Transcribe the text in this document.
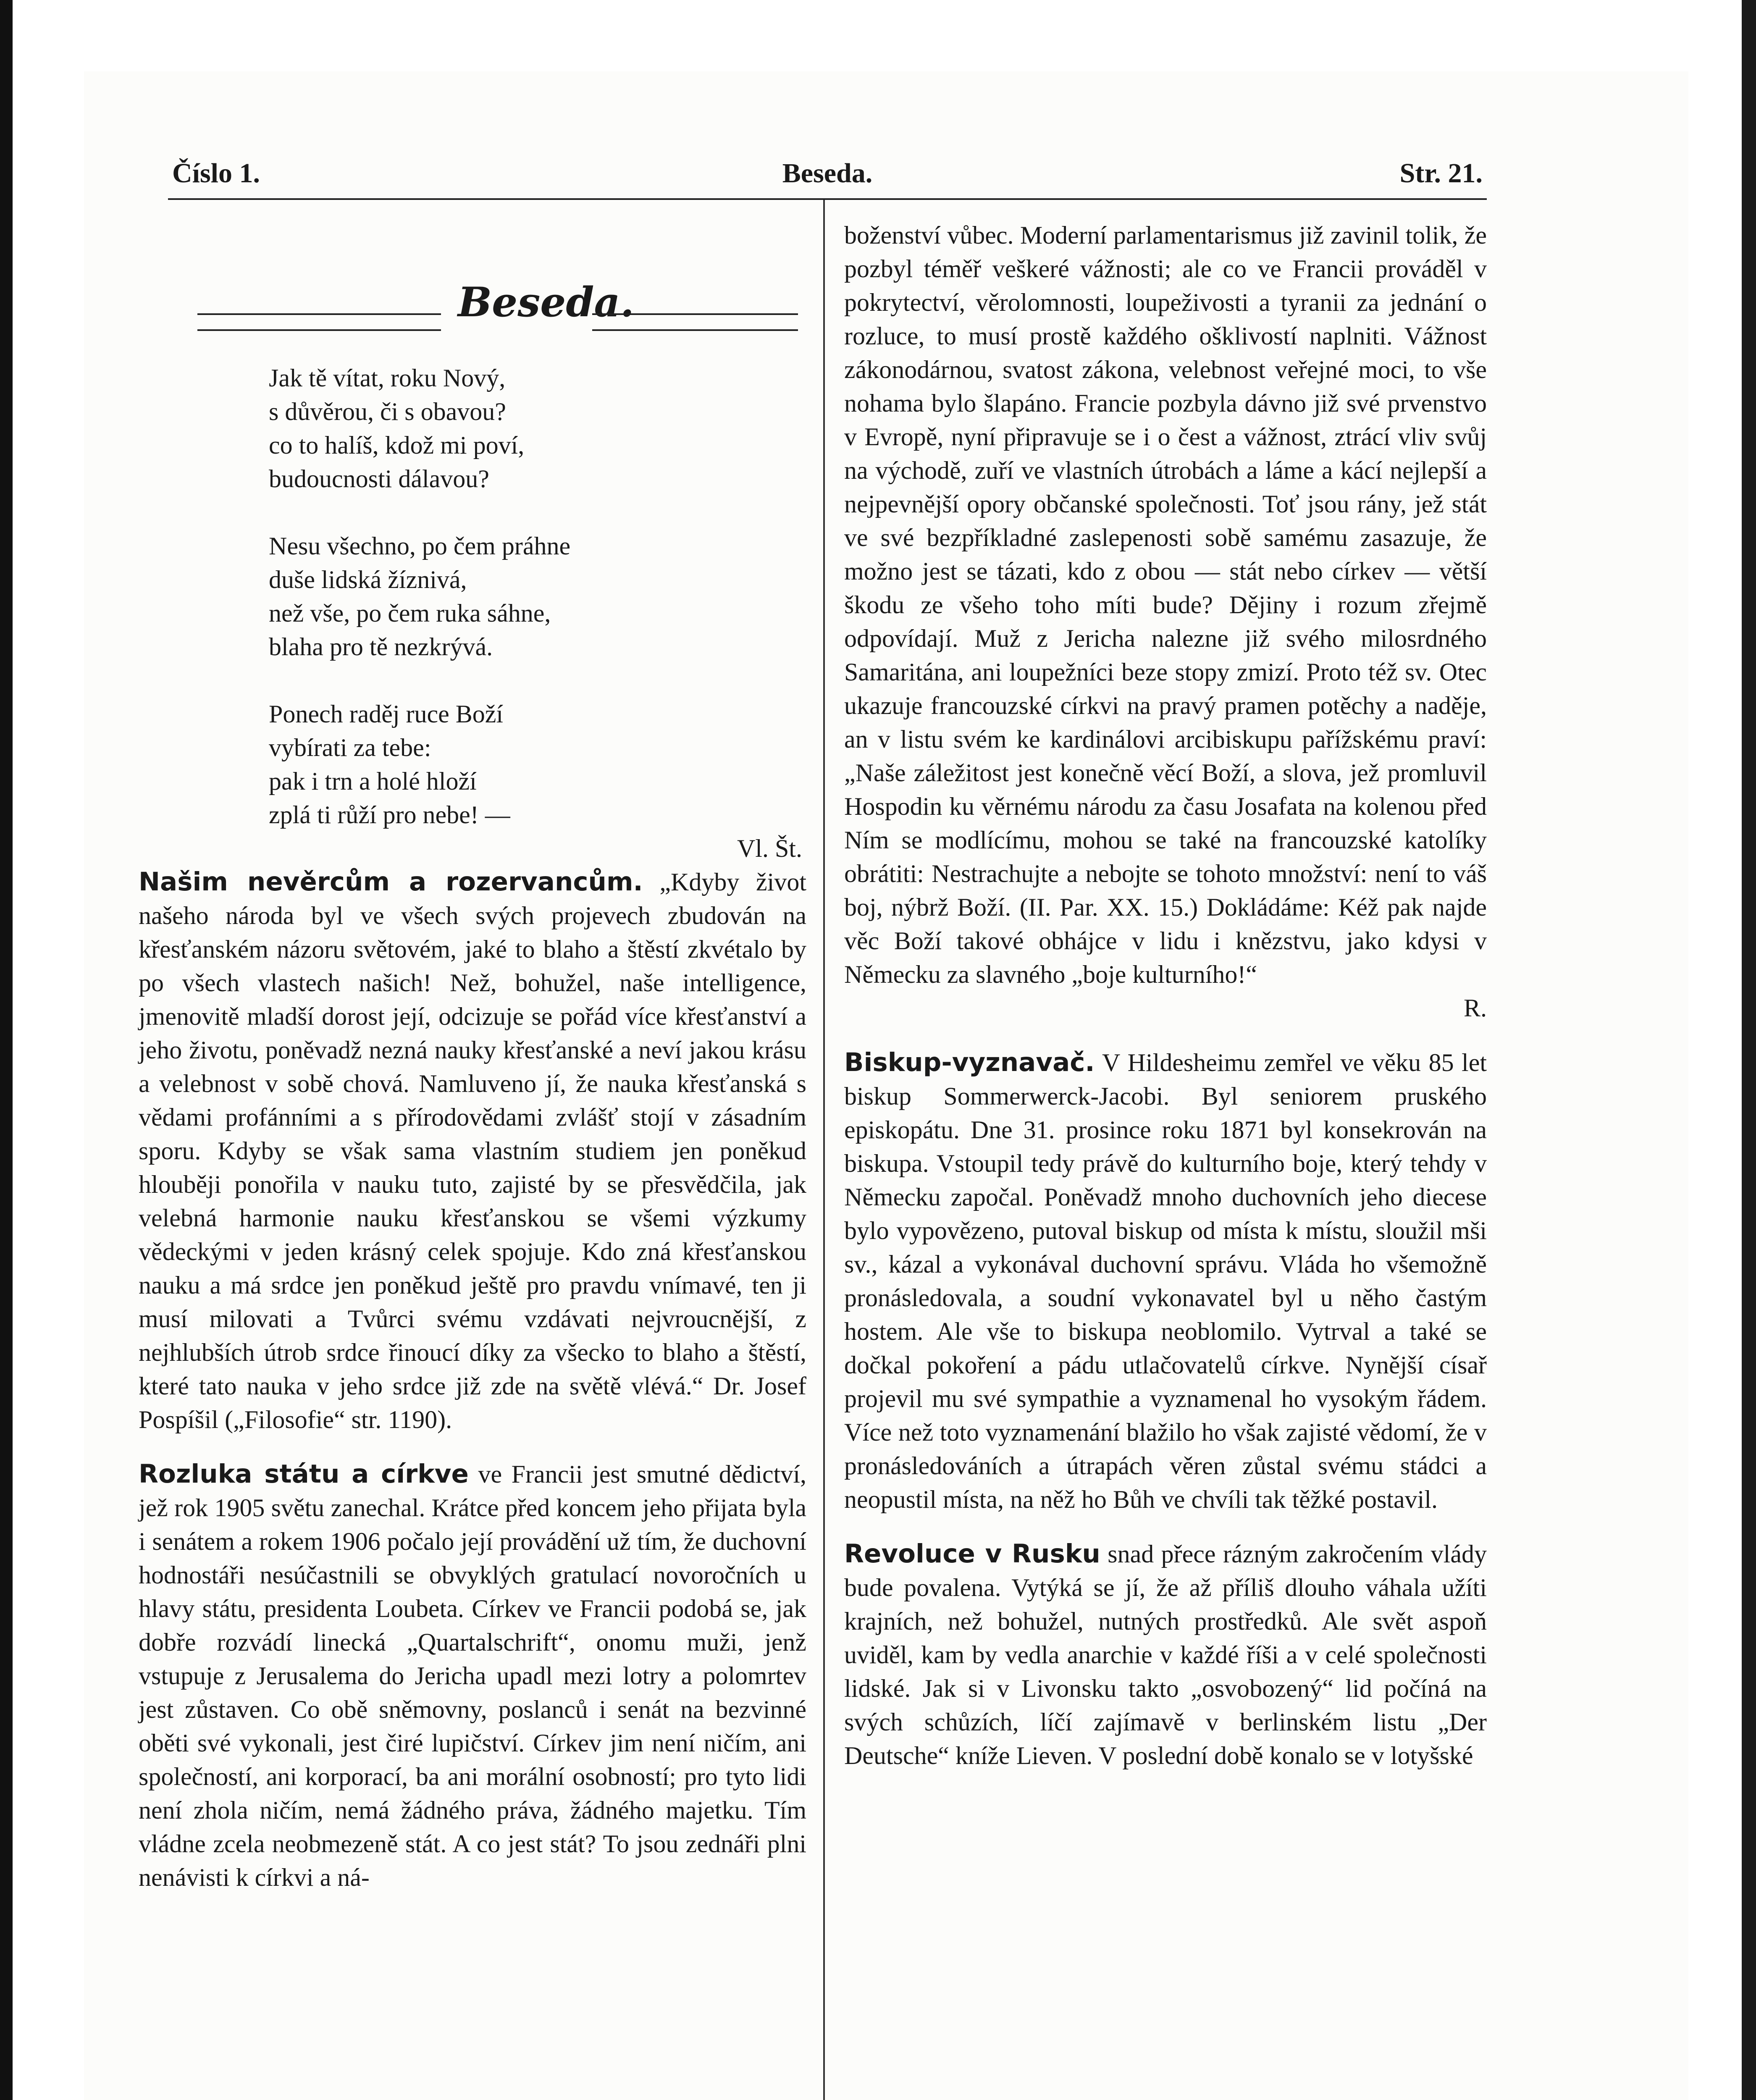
Číslo 1.	Beseda.	Str. 21.
Beseda.

Jak tě vítat, roku Nový,

s důvěrou, či s obavou?

co to halíš, kdož mi poví,

budoucnosti dálavou?

Nesu všechno, po čem práhne

duše lidská žíznivá,

než vše, po čem ruka sáhne,

blaha pro tě nezkrývá.

Ponech raděj ruce Boží

vybírati za tebe:

pak i trn a holé hloží

zplá ti růží pro nebe! —

Vl. Št.

Našim nevěrcům a rozervancům. „Kdyby život našeho národa byl ve všech svých projevech zbudován na křesťanském názoru světovém, jaké to blaho a štěstí zkvétalo by po všech vlastech našich! Než, bohužel, naše intelligence, jmenovitě mladší dorost její, odcizuje se pořád více křesťanství a jeho životu, poněvadž nezná nauky křesťanské a neví jakou krásu a velebnost v sobě chová. Namluveno jí, že nauka křesťanská s vědami profánními a s přírodovědami zvlášť stojí v zásadním sporu. Kdyby se však sama vlastním studiem jen poněkud hlouběji ponořila v nauku tuto, zajisté by se přesvědčila, jak velebná harmonie nauku křesťanskou se všemi výzkumy vědeckými v jeden krásný celek spojuje. Kdo zná křesťanskou nauku a má srdce jen poněkud ještě pro pravdu vnímavé, ten ji musí milovati a Tvůrci svému vzdávati nejvroucnější, z nejhlubších útrob srdce řinoucí díky za všecko to blaho a štěstí, které tato nauka v jeho srdce již zde na světě vlévá.“ Dr. Josef Pospíšil („Filosofie“ str. 1190).

Rozluka státu a církve ve Francii jest smutné dědictví, jež rok 1905 světu zanechal. Krátce před koncem jeho přijata byla i senátem a rokem 1906 počalo její provádění už tím, že duchovní hodnostáři nesúčastnili se obvyklých gratulací novoročních u hlavy státu, presidenta Loubeta. Církev ve Francii podobá se, jak dobře rozvádí linecká „Quartalschrift“, onomu muži, jenž vstupuje z Jerusalema do Jericha upadl mezi lotry a polomrtev jest zůstaven. Co obě sněmovny, poslanců i senát na bezvinné oběti své vykonali, jest čiré lupičství. Církev jim není ničím, ani společností, ani korporací, ba ani morální osobností; pro tyto lidi není zhola ničím, nemá žádného práva, žádného majetku. Tím vládne zcela neobmezeně stát. A co jest stát? To jsou zednáři plni nenávisti k církvi a ná-

boženství vůbec. Moderní parlamentarismus již zavinil tolik, že pozbyl téměř veškeré vážnosti; ale co ve Francii prováděl v pokrytectví, věrolomnosti, loupeživosti a tyranii za jednání o rozluce, to musí prostě každého ošklivostí naplniti. Vážnost zákonodárnou, svatost zákona, velebnost veřejné moci, to vše nohama bylo šlapáno. Francie pozbyla dávno již své prvenstvo v Evropě, nyní připravuje se i o čest a vážnost, ztrácí vliv svůj na východě, zuří ve vlastních útrobách a láme a kácí nejlepší a nejpevnější opory občanské společnosti. Toť jsou rány, jež stát ve své bezpříkladné zaslepenosti sobě samému zasazuje, že možno jest se tázati, kdo z obou — stát nebo církev — větší škodu ze všeho toho míti bude? Dějiny i rozum zřejmě odpovídají. Muž z Jericha nalezne již svého milosrdného Samaritána, ani loupežníci beze stopy zmizí. Proto též sv. Otec ukazuje francouzské církvi na pravý pramen potěchy a naděje, an v listu svém ke kardinálovi arcibiskupu pařížskému praví: „Naše záležitost jest konečně věcí Boží, a slova, jež promluvil Hospodin ku věrnému národu za času Josafata na kolenou před Ním se modlícímu, mohou se také na francouzské katolíky obrátiti: Nestrachujte a nebojte se tohoto množství: není to váš boj, nýbrž Boží. (II. Par. XX. 15.) Dokládáme: Kéž pak najde věc Boží takové obhájce v lidu i knězstvu, jako kdysi v Německu za slavného „boje kulturního!“

R.

Biskup-vyznavač. V Hildesheimu zemřel ve věku 85 let biskup Sommerwerck-Jacobi. Byl seniorem pruského episkopátu. Dne 31. prosince roku 1871 byl konsekrován na biskupa. Vstoupil tedy právě do kulturního boje, který tehdy v Německu započal. Poněvadž mnoho duchovních jeho diecese bylo vypovězeno, putoval biskup od místa k místu, sloužil mši sv., kázal a vykonával duchovní správu. Vláda ho všemožně pronásledovala, a soudní vykonavatel byl u něho častým hostem. Ale vše to biskupa neoblomilo. Vytrval a také se dočkal pokoření a pádu utlačovatelů církve. Nynější císař projevil mu své sympathie a vyznamenal ho vysokým řádem. Více než toto vyznamenání blažilo ho však zajisté vědomí, že v pronásledováních a útrapách věren zůstal svému stádci a neopustil místa, na něž ho Bůh ve chvíli tak těžké postavil.

Revoluce v Rusku snad přece rázným zakročením vlády bude povalena. Vytýká se jí, že až příliš dlouho váhala užíti krajních, než bohužel, nutných prostředků. Ale svět aspoň uviděl, kam by vedla anarchie v každé říši a v celé společnosti lidské. Jak si v Livonsku takto „osvobozený“ lid počíná na svých schůzích, líčí zajímavě v berlinském listu „Der Deutsche“ kníže Lieven. V poslední době konalo se v lotyšské
